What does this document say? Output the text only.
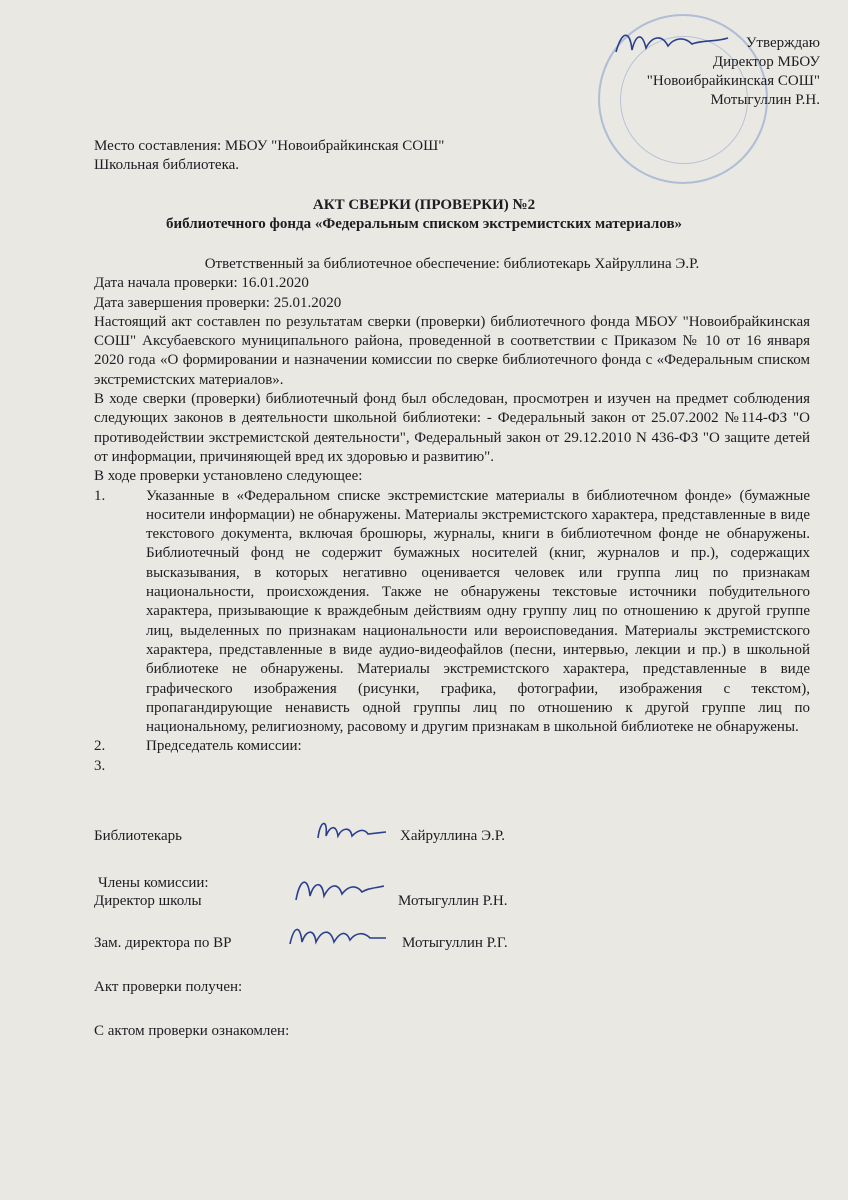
Утверждаю
Директор МБОУ
"Новоибрайкинская СОШ"
Мотыгуллин Р.Н.
Место составления: МБОУ "Новоибрайкинская СОШ"
Школьная библиотека.
АКТ СВЕРКИ (ПРОВЕРКИ) №2
библиотечного фонда «Федеральным списком экстремистских материалов»

Ответственный за библиотечное обеспечение: библиотекарь Хайруллина Э.Р.

Дата начала проверки: 16.01.2020

Дата завершения проверки: 25.01.2020

Настоящий акт составлен по результатам сверки (проверки) библиотечного фонда МБОУ "Новоибрайкинская СОШ" Аксубаевского муниципального района, проведенной в соответствии с Приказом № 10 от 16 января 2020 года «О формировании и назначении комиссии по сверке библиотечного фонда с «Федеральным списком экстремистских материалов».

В ходе сверки (проверки) библиотечный фонд был обследован, просмотрен и изучен на предмет соблюдения следующих законов в деятельности школьной библиотеки: - Федеральный закон от 25.07.2002 №114-ФЗ "О противодействии экстремистской деятельности", Федеральный закон от 29.12.2010 N 436-ФЗ "О защите детей от информации, причиняющей вред их здоровью и развитию".

В ходе проверки установлено следующее:

1.	Указанные в «Федеральном списке экстремистские материалы в библиотечном фонде» (бумажные носители информации) не обнаружены. Материалы экстремистского характера, представленные в виде текстового документа, включая брошюры, журналы, книги в библиотечном фонде не обнаружены. Библиотечный фонд не содержит бумажных носителей (книг, журналов и пр.), содержащих высказывания, в которых негативно оценивается человек или группа лиц по признакам национальности, происхождения. Также не обнаружены текстовые источники побудительного характера, призывающие к враждебным действиям одну группу лиц по отношению к другой группе лиц, выделенных по признакам национальности или вероисповедания. Материалы экстремистского характера, представленные в виде аудио-видеофайлов (песни, интервью, лекции и пр.) в школьной библиотеке не обнаружены. Материалы экстремистского характера, представленные в виде графического изображения (рисунки, графика, фотографии, изображения с текстом), пропагандирующие ненависть одной группы лиц по отношению к другой группе лиц по национальному, религиозному, расовому и другим признакам в школьной библиотеке не обнаружены.
2.	Председатель комиссии:
3.
Библиотекарь	Хайруллина Э.Р.
Члены комиссии:
Директор школы	Мотыгуллин Р.Н.
Зам. директора по ВР	Мотыгуллин Р.Г.
Акт проверки получен:
С актом проверки ознакомлен:
